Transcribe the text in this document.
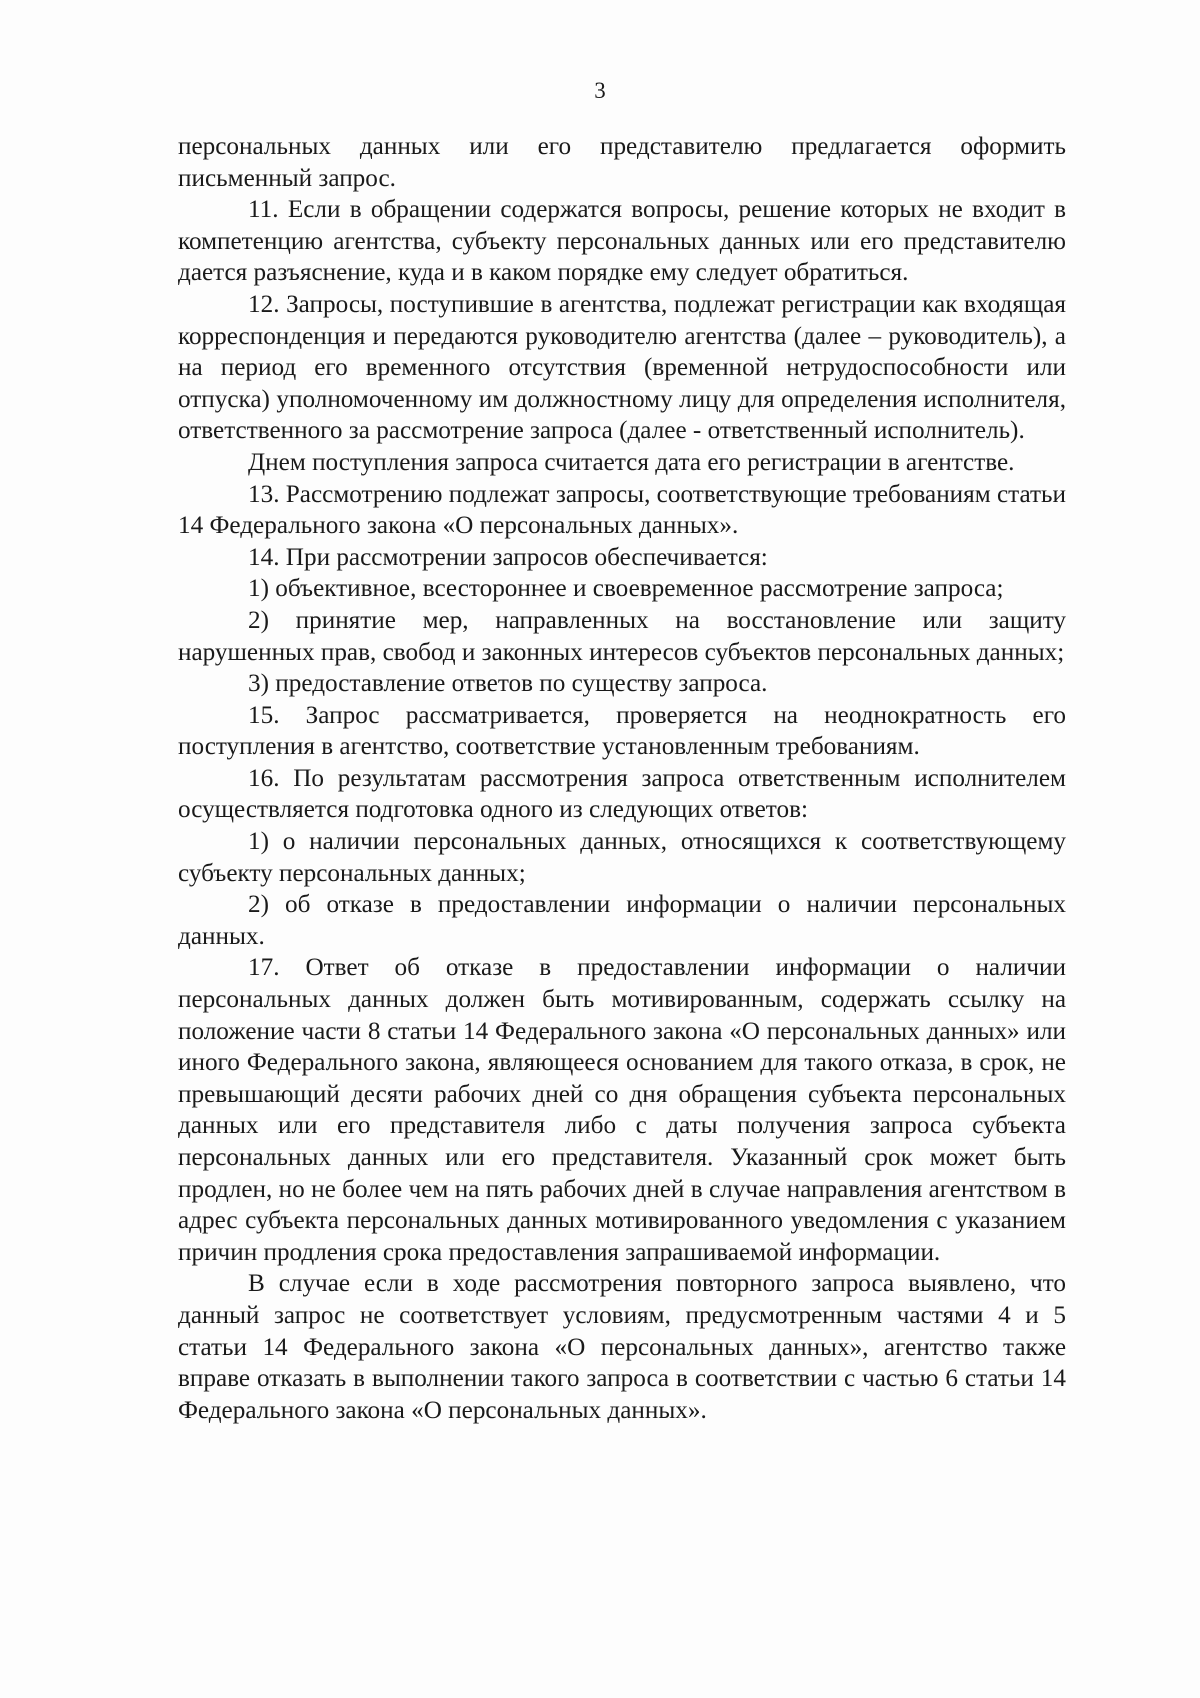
3

персональных данных или его представителю предлагается оформить письменный запрос.

11. Если в обращении содержатся вопросы, решение которых не входит в компетенцию агентства, субъекту персональных данных или его представителю дается разъяснение, куда и в каком порядке ему следует обратиться.

12. Запросы, поступившие в агентства, подлежат регистрации как входящая корреспонденция и передаются руководителю агентства (далее – руководитель), а на период его временного отсутствия (временной нетрудоспособности или отпуска) уполномоченному им должностному лицу для определения исполнителя, ответственного за рассмотрение запроса (далее - ответственный исполнитель).

Днем поступления запроса считается дата его регистрации в агентстве.

13. Рассмотрению подлежат запросы, соответствующие требованиям статьи 14 Федерального закона «О персональных данных».

14. При рассмотрении запросов обеспечивается:

1) объективное, всестороннее и своевременное рассмотрение запроса;

2) принятие мер, направленных на восстановление или защиту нарушенных прав, свобод и законных интересов субъектов персональных данных;

3) предоставление ответов по существу запроса.

15. Запрос рассматривается, проверяется на неоднократность его поступления в агентство, соответствие установленным требованиям.

16. По результатам рассмотрения запроса ответственным исполнителем осуществляется подготовка одного из следующих ответов:

1) о наличии персональных данных, относящихся к соответствующему субъекту персональных данных;

2) об отказе в предоставлении информации о наличии персональных данных.

17. Ответ об отказе в предоставлении информации о наличии персональных данных должен быть мотивированным, содержать ссылку на положение части 8 статьи 14 Федерального закона «О персональных данных» или иного Федерального закона, являющееся основанием для такого отказа, в срок, не превышающий десяти рабочих дней со дня обращения субъекта персональных данных или его представителя либо с даты получения запроса субъекта персональных данных или его представителя. Указанный срок может быть продлен, но не более чем на пять рабочих дней в случае направления агентством в адрес субъекта персональных данных мотивированного уведомления с указанием причин продления срока предоставления запрашиваемой информации.

В случае если в ходе рассмотрения повторного запроса выявлено, что данный запрос не соответствует условиям, предусмотренным частями 4 и 5 статьи 14 Федерального закона «О персональных данных», агентство также вправе отказать в выполнении такого запроса в соответствии с частью 6 статьи 14 Федерального закона «О персональных данных».
